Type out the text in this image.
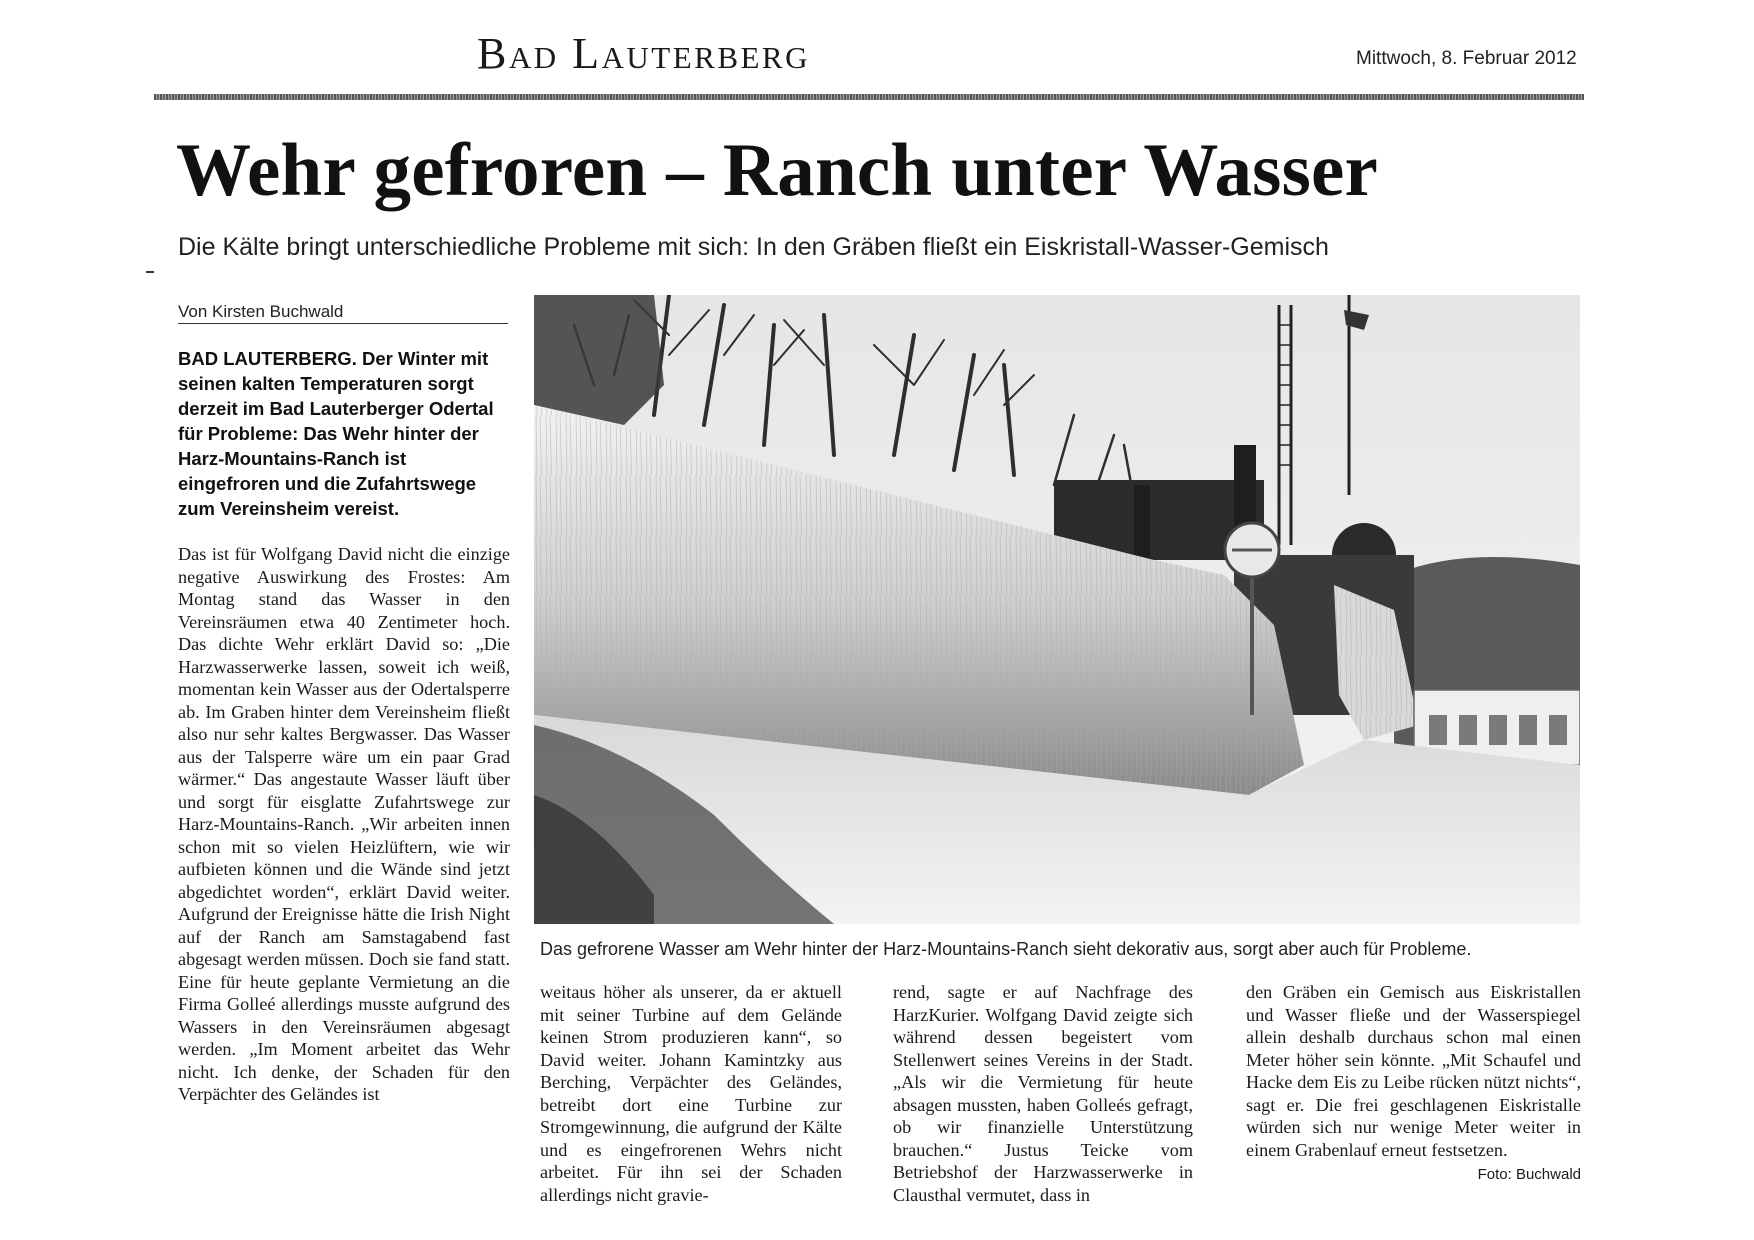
Bad Lauterberg	Mittwoch, 8. Februar 2012
Wehr gefroren – Ranch unter Wasser
Die Kälte bringt unterschiedliche Probleme mit sich: In den Gräben fließt ein Eiskristall-Wasser-Gemisch
Von Kirsten Buchwald
BAD LAUTERBERG. Der Winter mit seinen kalten Temperaturen sorgt derzeit im Bad Lauterberger Odertal für Probleme: Das Wehr hinter der Harz-Mountains-Ranch ist eingefroren und die Zufahrtswege zum Vereinsheim vereist.
Das ist für Wolfgang David nicht die einzige negative Auswirkung des Frostes: Am Montag stand das Wasser in den Vereinsräumen etwa 40 Zentimeter hoch. Das dichte Wehr erklärt David so: „Die Harzwasserwerke lassen, soweit ich weiß, momentan kein Wasser aus der Odertalsperre ab. Im Graben hinter dem Vereinsheim fließt also nur sehr kaltes Bergwasser. Das Wasser aus der Talsperre wäre um ein paar Grad wärmer.“ Das angestaute Wasser läuft über und sorgt für eisglatte Zufahrtswege zur Harz-Mountains-Ranch. „Wir arbeiten innen schon mit so vielen Heizlüftern, wie wir aufbieten können und die Wände sind jetzt abgedichtet worden“, erklärt David weiter. Aufgrund der Ereignisse hätte die Irish Night auf der Ranch am Samstagabend fast abgesagt werden müssen. Doch sie fand statt. Eine für heute geplante Vermietung an die Firma Golleé allerdings musste aufgrund des Wassers in den Vereinsräumen abgesagt werden. „Im Moment arbeitet das Wehr nicht. Ich denke, der Schaden für den Verpächter des Geländes ist
Das gefrorene Wasser am Wehr hinter der Harz-Mountains-Ranch sieht dekorativ aus, sorgt aber auch für Probleme.
weitaus höher als unserer, da er aktuell mit seiner Turbine auf dem Gelände keinen Strom produzieren kann“, so David weiter. Johann Kamintzky aus Berching, Verpächter des Geländes, betreibt dort eine Turbine zur Stromgewinnung, die aufgrund der Kälte und es eingefrorenen Wehrs nicht arbeitet. Für ihn sei der Schaden allerdings nicht gravie-
rend, sagte er auf Nachfrage des HarzKurier. Wolfgang David zeigte sich während dessen begeistert vom Stellenwert seines Vereins in der Stadt. „Als wir die Vermietung für heute absagen mussten, haben Golleés gefragt, ob wir finanzielle Unterstützung brauchen.“ Justus Teicke vom Betriebshof der Harzwasserwerke in Clausthal vermutet, dass in
den Gräben ein Gemisch aus Eiskristallen und Wasser fließe und der Wasserspiegel allein deshalb durchaus schon mal einen Meter höher sein könnte. „Mit Schaufel und Hacke dem Eis zu Leibe rücken nützt nichts“, sagt er. Die frei geschlagenen Eiskristalle würden sich nur wenige Meter weiter in einem Grabenlauf erneut festsetzen.
Foto: Buchwald
